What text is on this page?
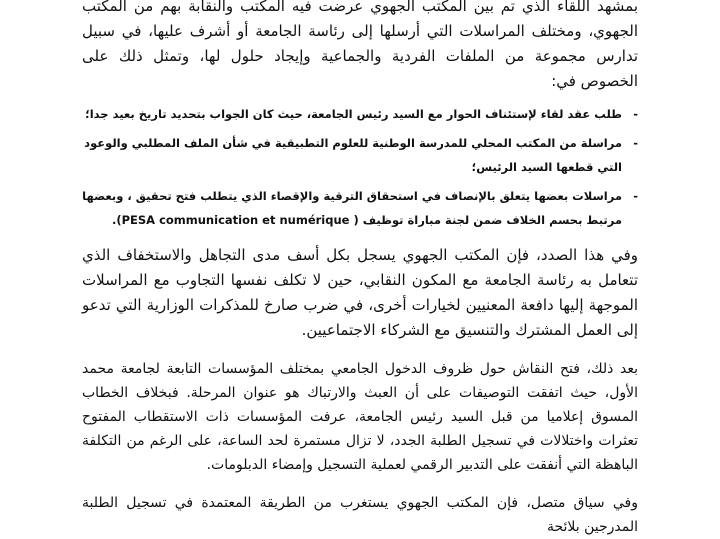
بمشهد اللقاء الذي تم بين المكتب الجهوي عرضت فيه المكتب والنقابة بهم من المكتب الجهوي، ومختلف المراسلات التي أرسلها إلى رئاسة الجامعة أو أشرف عليها، في سبيل تدارس مجموعة من الملفات الفردية والجماعية وإيجاد حلول لها، وتمثل ذلك على الخصوص في:

-
طلب عقد لقاء لإستئناف الحوار مع السيد رئيس الجامعة، حيث كان الجواب بتحديد تاريخ بعيد جدا؛
-
مراسلة من المكتب المحلي للمدرسة الوطنية للعلوم التطبيقية في شأن الملف المطلبي والوعود التي قطعها السيد الرئيس؛
-
مراسلات بعضها يتعلق بالإنصاف في استحقاق الترقية والإقصاء الذي يتطلب فتح تحقيق ، وبعضها مرتبط بحسم الخلاف ضمن لجنة مباراة توظيف ( PESA communication et numérique).

وفي هذا الصدد، فإن المكتب الجهوي يسجل بكل أسف مدى التجاهل والاستخفاف الذي تتعامل به رئاسة الجامعة مع المكون النقابي، حين لا تكلف نفسها التجاوب مع المراسلات الموجهة إليها دافعة المعنيين لخيارات أخرى، في ضرب صارخ للمذكرات الوزارية التي تدعو إلى العمل المشترك والتنسيق مع الشركاء الاجتماعيين.

بعد ذلك، فتح النقاش حول ظروف الدخول الجامعي بمختلف المؤسسات التابعة لجامعة محمد الأول، حيث اتفقت التوصيفات على أن العبث والارتباك هو عنوان المرحلة. فبخلاف الخطاب المسوق إعلاميا من قبل السيد رئيس الجامعة، عرفت المؤسسات ذات الاستقطاب المفتوح تعثرات واختلالات في تسجيل الطلبة الجدد، لا تزال مستمرة لحد الساعة، على الرغم من التكلفة الباهظة التي أنفقت على التدبير الرقمي لعملية التسجيل وإمضاء الدبلومات.

وفي سياق متصل، فإن المكتب الجهوي يستغرب من الطريقة المعتمدة في تسجيل الطلبة المدرجين بلائحة
